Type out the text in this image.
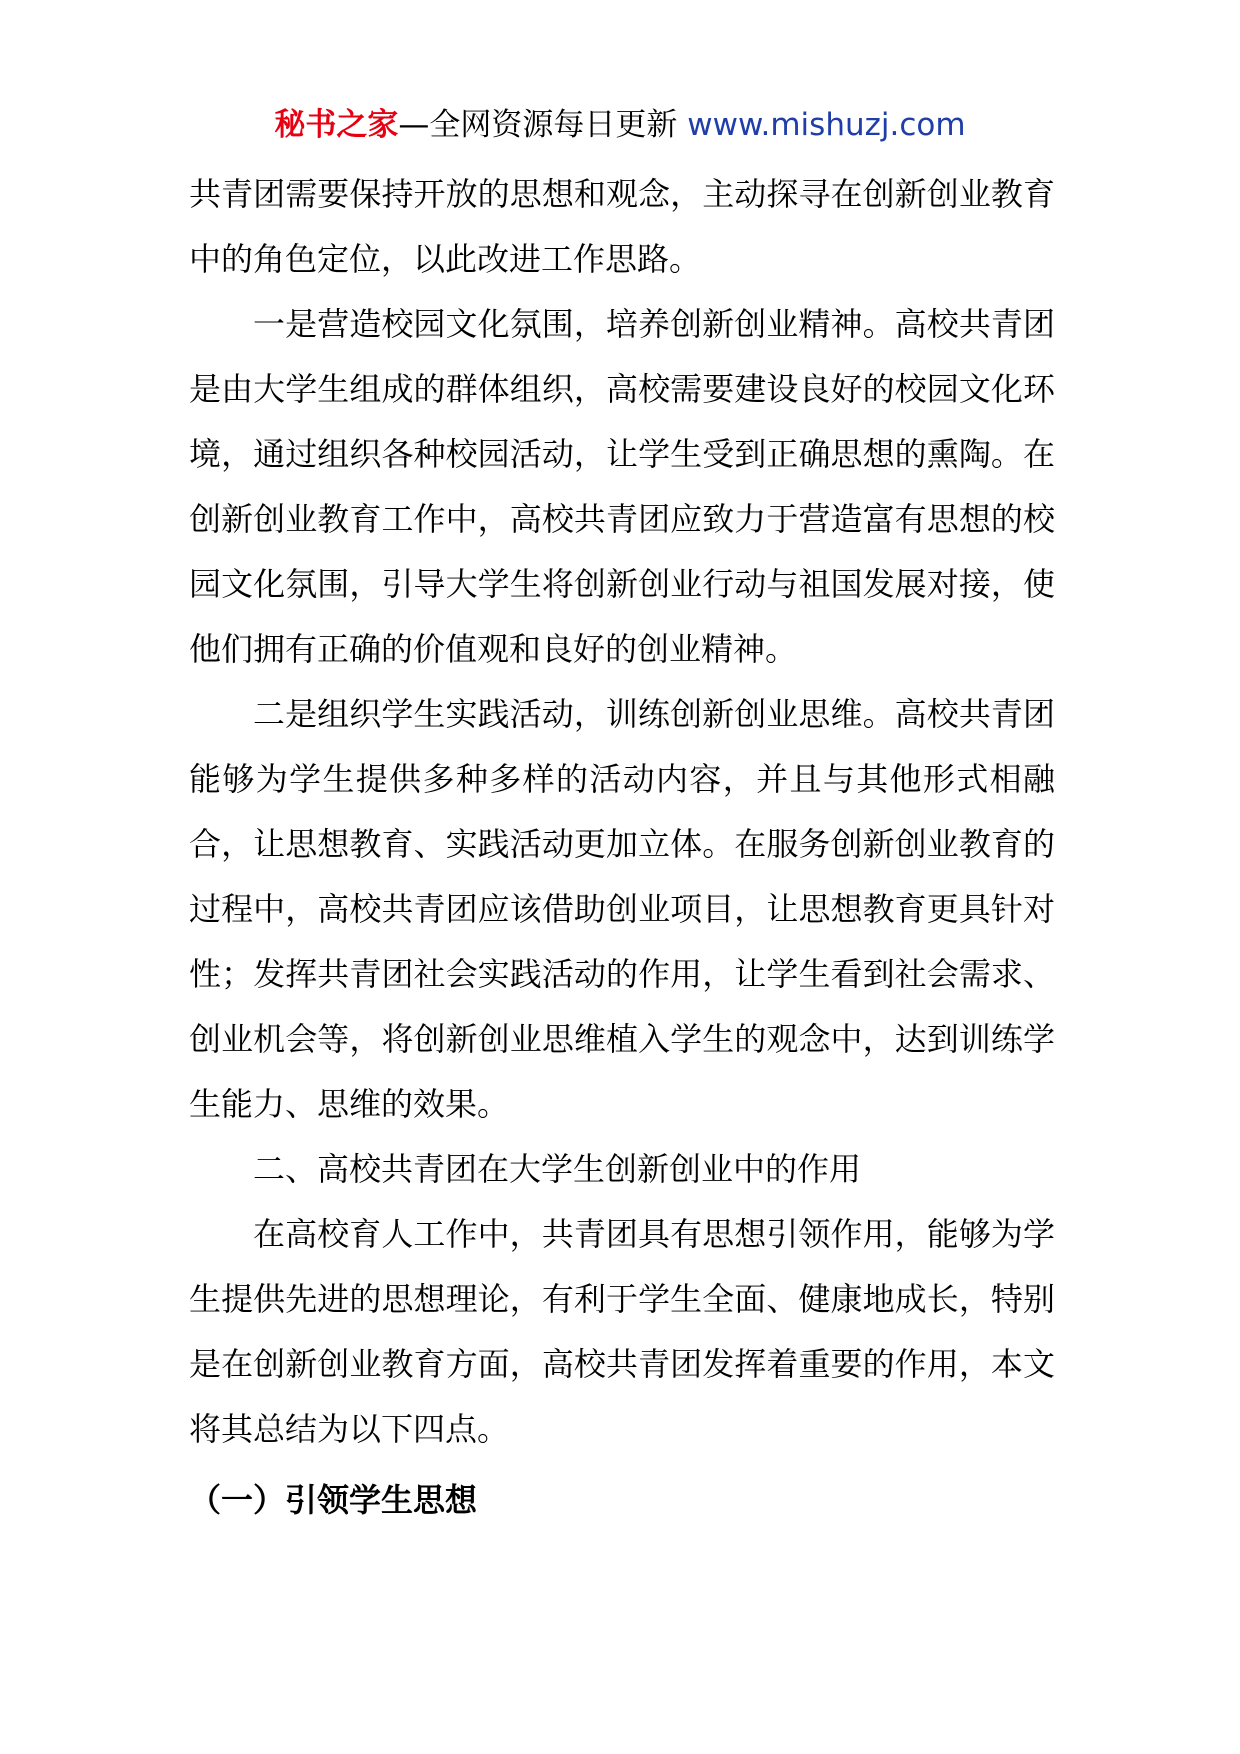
秘书之家—全网资源每日更新 www.mishuzj.com

共青团需要保持开放的思想和观念，主动探寻在创新创业教育中的角色定位，以此改进工作思路。

一是营造校园文化氛围，培养创新创业精神。高校共青团是由大学生组成的群体组织，高校需要建设良好的校园文化环境，通过组织各种校园活动，让学生受到正确思想的熏陶。在创新创业教育工作中，高校共青团应致力于营造富有思想的校园文化氛围，引导大学生将创新创业行动与祖国发展对接，使他们拥有正确的价值观和良好的创业精神。

二是组织学生实践活动，训练创新创业思维。高校共青团能够为学生提供多种多样的活动内容，并且与其他形式相融合，让思想教育、实践活动更加立体。在服务创新创业教育的过程中，高校共青团应该借助创业项目，让思想教育更具针对性；发挥共青团社会实践活动的作用，让学生看到社会需求、创业机会等，将创新创业思维植入学生的观念中，达到训练学生能力、思维的效果。

二、高校共青团在大学生创新创业中的作用

在高校育人工作中，共青团具有思想引领作用，能够为学生提供先进的思想理论，有利于学生全面、健康地成长，特别是在创新创业教育方面，高校共青团发挥着重要的作用，本文将其总结为以下四点。

（一）引领学生思想
